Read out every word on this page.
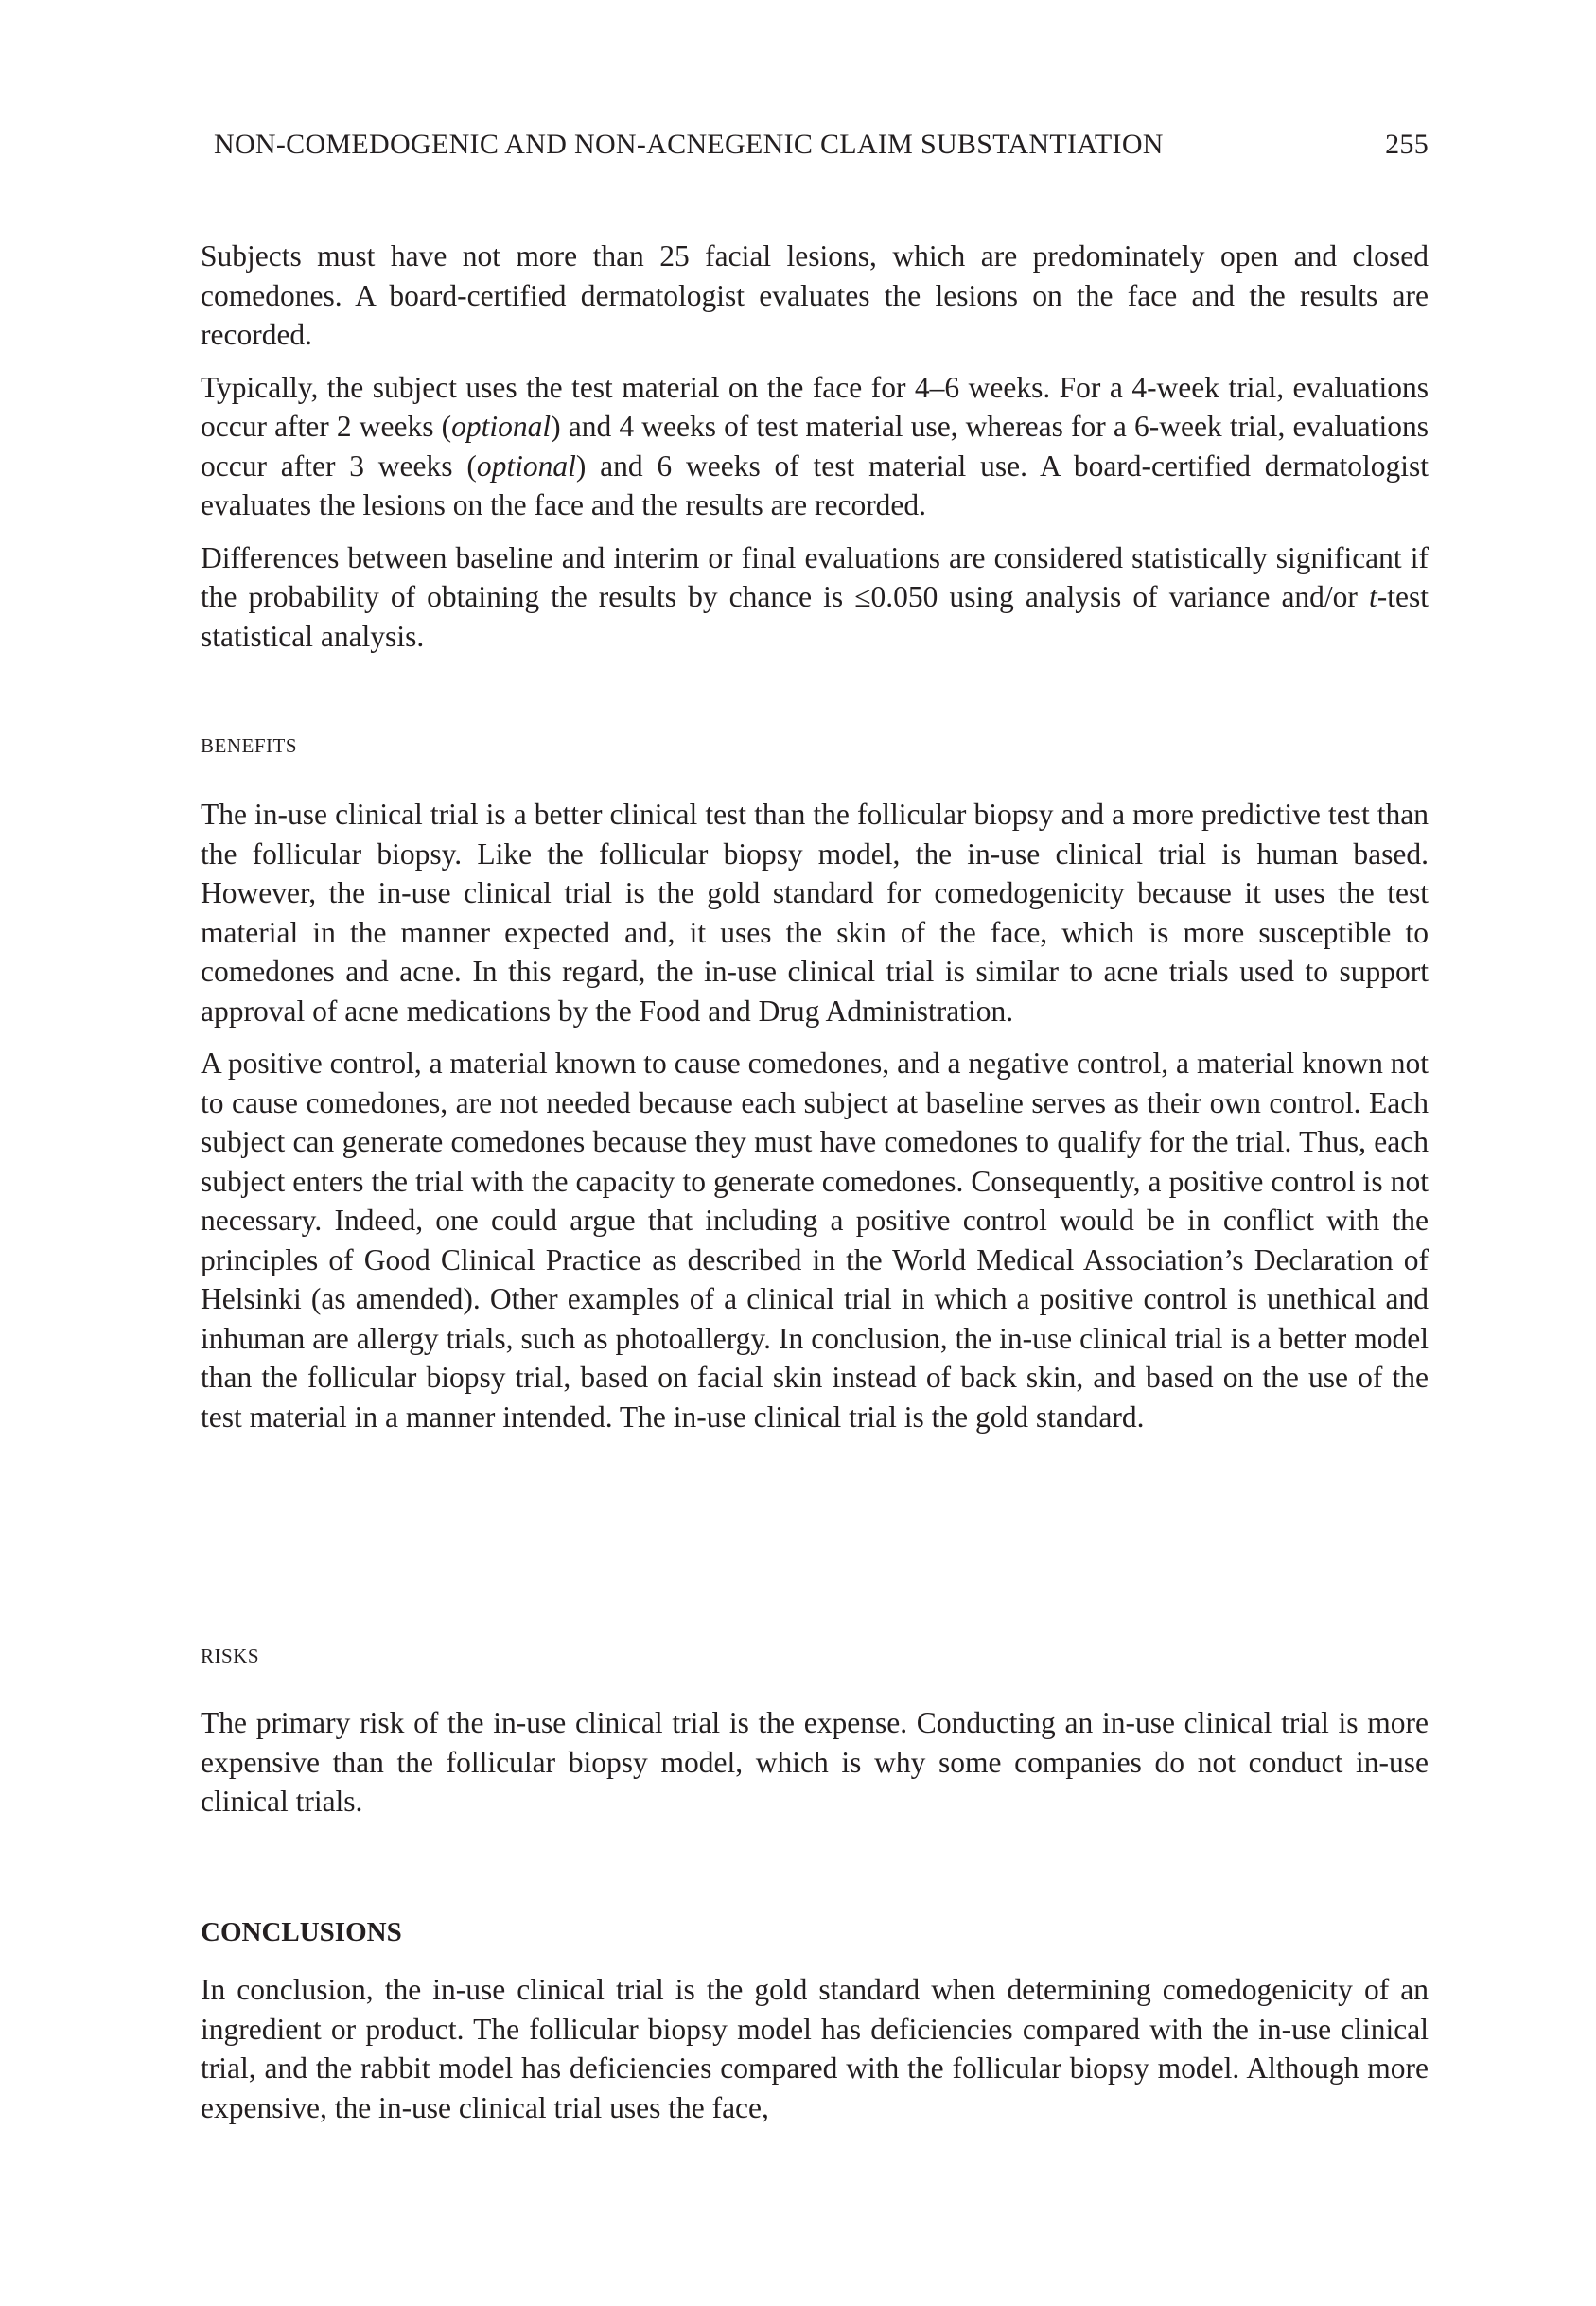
NON-COMEDOGENIC AND NON-ACNEGENIC CLAIM SUBSTANTIATION	255

Subjects must have not more than 25 facial lesions, which are predominately open and closed comedones. A board-certified dermatologist evaluates the lesions on the face and the results are recorded.

Typically, the subject uses the test material on the face for 4–6 weeks. For a 4-week trial, evaluations occur after 2 weeks (optional) and 4 weeks of test material use, whereas for a 6-week trial, evaluations occur after 3 weeks (optional) and 6 weeks of test material use. A board-certified dermatologist evaluates the lesions on the face and the results are recorded.

Differences between baseline and interim or final evaluations are considered statistically significant if the probability of obtaining the results by chance is ≤0.050 using analysis of variance and/or t-test statistical analysis.

BENEFITS

The in-use clinical trial is a better clinical test than the follicular biopsy and a more predictive test than the follicular biopsy. Like the follicular biopsy model, the in-use clinical trial is human based. However, the in-use clinical trial is the gold standard for comedogenicity because it uses the test material in the manner expected and, it uses the skin of the face, which is more susceptible to comedones and acne. In this regard, the in-use clinical trial is similar to acne trials used to support approval of acne medications by the Food and Drug Administration.

A positive control, a material known to cause comedones, and a negative control, a material known not to cause comedones, are not needed because each subject at baseline serves as their own control. Each subject can generate comedones because they must have comedones to qualify for the trial. Thus, each subject enters the trial with the capacity to generate comedones. Consequently, a positive control is not necessary. Indeed, one could argue that including a positive control would be in conflict with the principles of Good Clinical Practice as described in the World Medical Association’s Declaration of Helsinki (as amended). Other examples of a clinical trial in which a positive control is unethical and inhuman are allergy trials, such as photoallergy. In conclusion, the in-use clinical trial is a better model than the follicular biopsy trial, based on facial skin instead of back skin, and based on the use of the test material in a manner intended. The in-use clinical trial is the gold standard.

RISKS

The primary risk of the in-use clinical trial is the expense. Conducting an in-use clinical trial is more expensive than the follicular biopsy model, which is why some companies do not conduct in-use clinical trials.

CONCLUSIONS

In conclusion, the in-use clinical trial is the gold standard when determining comedogenicity of an ingredient or product. The follicular biopsy model has deficiencies compared with the in-use clinical trial, and the rabbit model has deficiencies compared with the follicular biopsy model. Although more expensive, the in-use clinical trial uses the face,
